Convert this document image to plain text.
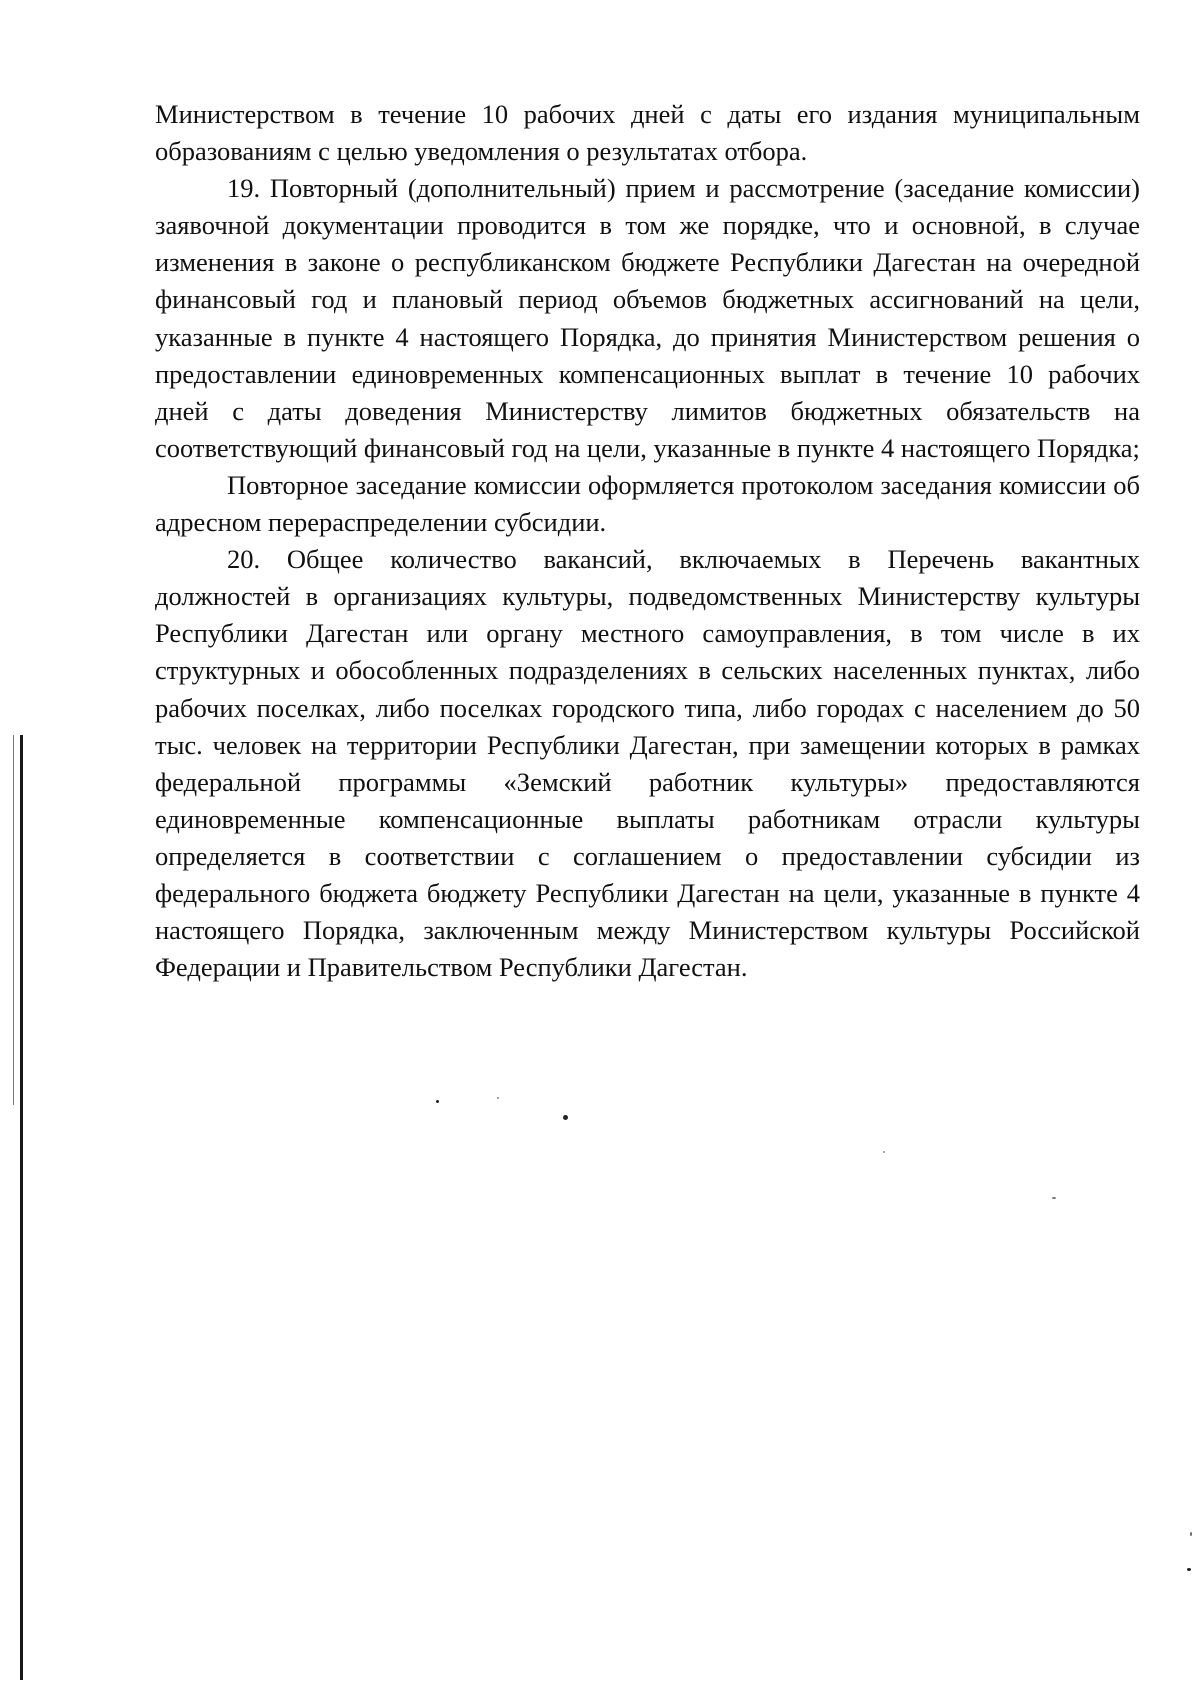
Министерством в течение 10 рабочих дней с даты его издания муниципальным образованиям с целью уведомления о результатах отбора.

19. Повторный (дополнительный) прием и рассмотрение (заседание комиссии) заявочной документации проводится в том же порядке, что и основной, в случае изменения в законе о республиканском бюджете Республики Дагестан на очередной финансовый год и плановый период объемов бюджетных ассигнований на цели, указанные в пункте 4 настоящего Порядка, до принятия Министерством решения о предоставлении единовременных компенсационных выплат в течение 10 рабочих дней с даты доведения Министерству лимитов бюджетных обязательств на соответствующий финансовый год на цели, указанные в пункте 4 настоящего Порядка;

Повторное заседание комиссии оформляется протоколом заседания комиссии об адресном перераспределении субсидии.

20. Общее количество вакансий, включаемых в Перечень вакантных должностей в организациях культуры, подведомственных Министерству культуры Республики Дагестан или органу местного самоуправления, в том числе в их структурных и обособленных подразделениях в сельских населенных пунктах, либо рабочих поселках, либо поселках городского типа, либо городах с населением до 50 тыс. человек на территории Республики Дагестан, при замещении которых в рамках федеральной программы «Земский работник культуры» предоставляются единовременные компенсационные выплаты работникам отрасли культуры определяется в соответствии с соглашением о предоставлении субсидии из федерального бюджета бюджету Республики Дагестан на цели, указанные в пункте 4 настоящего Порядка, заключенным между Министерством культуры Российской Федерации и Правительством Республики Дагестан.
